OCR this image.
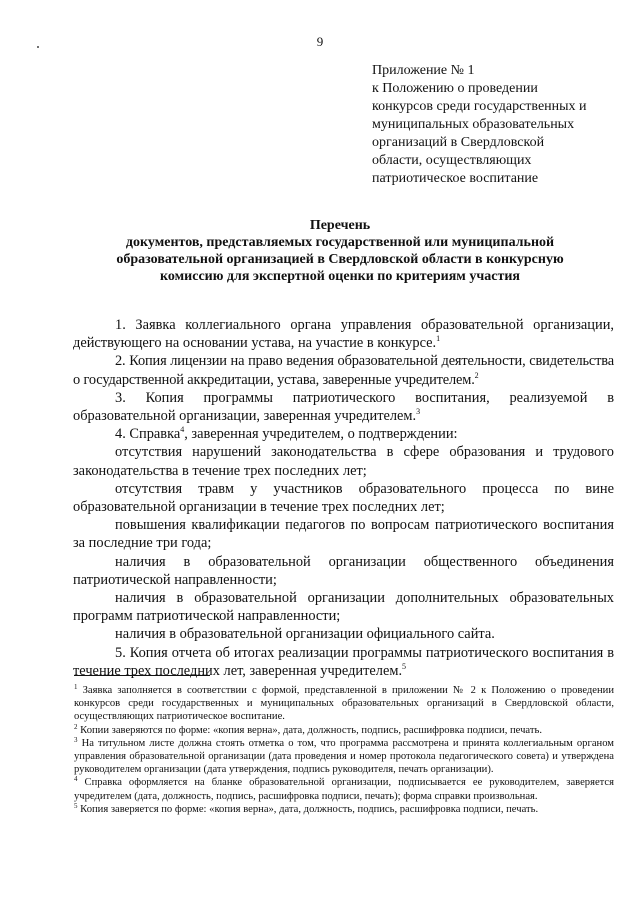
9
Приложение № 1
к Положению о проведении
конкурсов среди государственных и
муниципальных образовательных
организаций в Свердловской
области, осуществляющих
патриотическое воспитание
Перечень
документов, представляемых государственной или муниципальной
образовательной организацией в Свердловской области в конкурсную
комиссию для экспертной оценки по критериям участия

1. Заявка коллегиального органа управления образовательной организации, действующего на основании устава, на участие в конкурсе.$^1$

2. Копия лицензии на право ведения образовательной деятельности, свидетельства о государственной аккредитации, устава, заверенные учредителем.$^2$

3. Копия программы патриотического воспитания, реализуемой в образовательной организации, заверенная учредителем.$^3$

4. Справка$^4$, заверенная учредителем, о подтверждении:

отсутствия нарушений законодательства в сфере образования и трудового законодательства в течение трех последних лет;

отсутствия травм у участников образовательного процесса по вине образовательной организации в течение трех последних лет;

повышения квалификации педагогов по вопросам патриотического воспитания за последние три года;

наличия в образовательной организации общественного объединения патриотической направленности;

наличия в образовательной организации дополнительных образовательных программ патриотической направленности;

наличия в образовательной организации официального сайта.

5. Копия отчета об итогах реализации программы патриотического воспитания в течение трех последних лет, заверенная учредителем.$^5$

$^1$ Заявка заполняется в соответствии с формой, представленной в приложении № 2 к Положению о проведении конкурсов среди государственных и муниципальных образовательных организаций в Свердловской области, осуществляющих патриотическое воспитание.

$^2$ Копии заверяются по форме: «копия верна», дата, должность, подпись, расшифровка подписи, печать.

$^3$ На титульном листе должна стоять отметка о том, что программа рассмотрена и принята коллегиальным органом управления образовательной организации (дата проведения и номер протокола педагогического совета) и утверждена руководителем организации (дата утверждения, подпись руководителя, печать организации).

$^4$ Справка оформляется на бланке образовательной организации, подписывается ее руководителем, заверяется учредителем (дата, должность, подпись, расшифровка подписи, печать); форма справки произвольная.

$^5$ Копия заверяется по форме: «копия верна», дата, должность, подпись, расшифровка подписи, печать.
